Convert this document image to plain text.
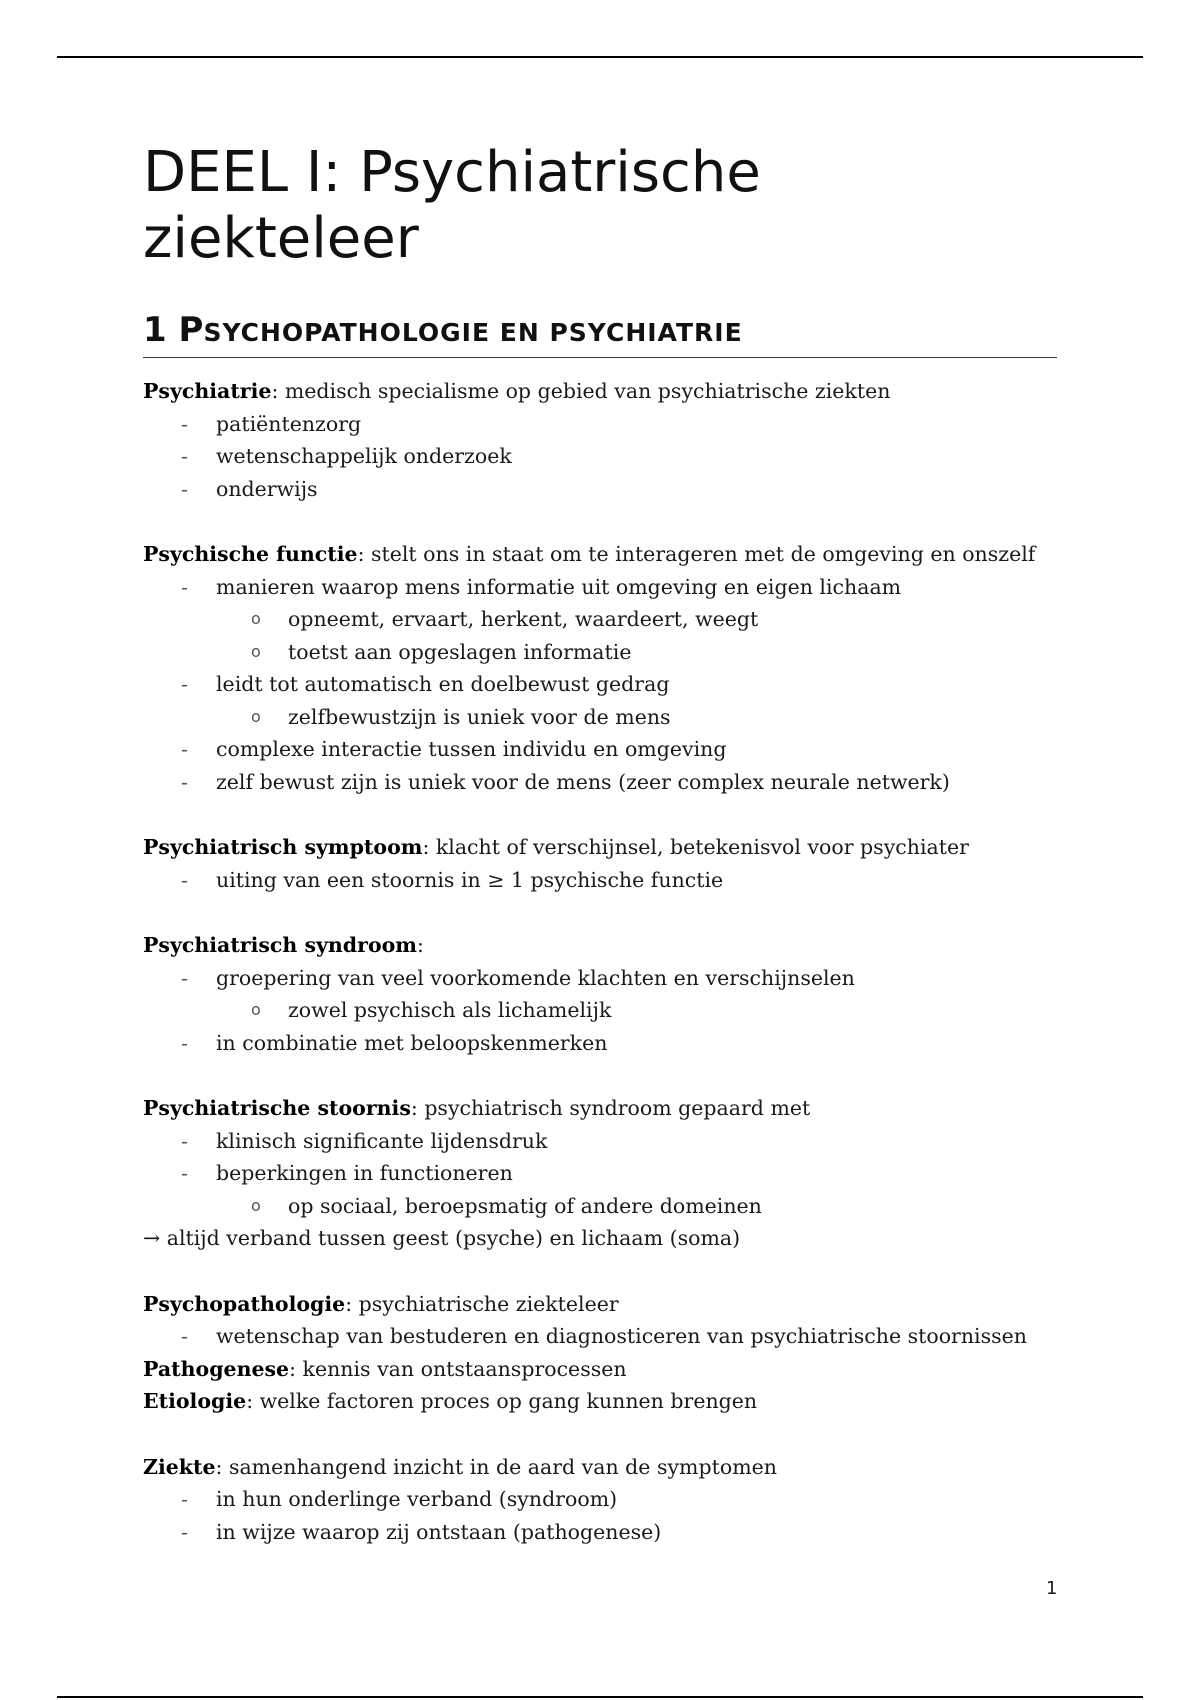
DEEL I: Psychiatrische ziekteleer
1 PSYCHOPATHOLOGIE EN PSYCHIATRIE
Psychiatrie: medisch specialisme op gebied van psychiatrische ziekten
- patiëntenzorg
- wetenschappelijk onderzoek
- onderwijs
Psychische functie: stelt ons in staat om te interageren met de omgeving en onszelf
- manieren waarop mens informatie uit omgeving en eigen lichaam
o opneemt, ervaart, herkent, waardeert, weegt
o toetst aan opgeslagen informatie
- leidt tot automatisch en doelbewust gedrag
o zelfbewustzijn is uniek voor de mens
- complexe interactie tussen individu en omgeving
- zelf bewust zijn is uniek voor de mens (zeer complex neurale netwerk)
Psychiatrisch symptoom: klacht of verschijnsel, betekenisvol voor psychiater
- uiting van een stoornis in ≥ 1 psychische functie
Psychiatrisch syndroom:
- groepering van veel voorkomende klachten en verschijnselen
o zowel psychisch als lichamelijk
- in combinatie met beloopskenmerken
Psychiatrische stoornis: psychiatrisch syndroom gepaard met
- klinisch significante lijdensdruk
- beperkingen in functioneren
o op sociaal, beroepsmatig of andere domeinen
→ altijd verband tussen geest (psyche) en lichaam (soma)
Psychopathologie: psychiatrische ziekteleer
- wetenschap van bestuderen en diagnosticeren van psychiatrische stoornissen
Pathogenese: kennis van ontstaansprocessen
Etiologie: welke factoren proces op gang kunnen brengen
Ziekte: samenhangend inzicht in de aard van de symptomen
- in hun onderlinge verband (syndroom)
- in wijze waarop zij ontstaan (pathogenese)
1
